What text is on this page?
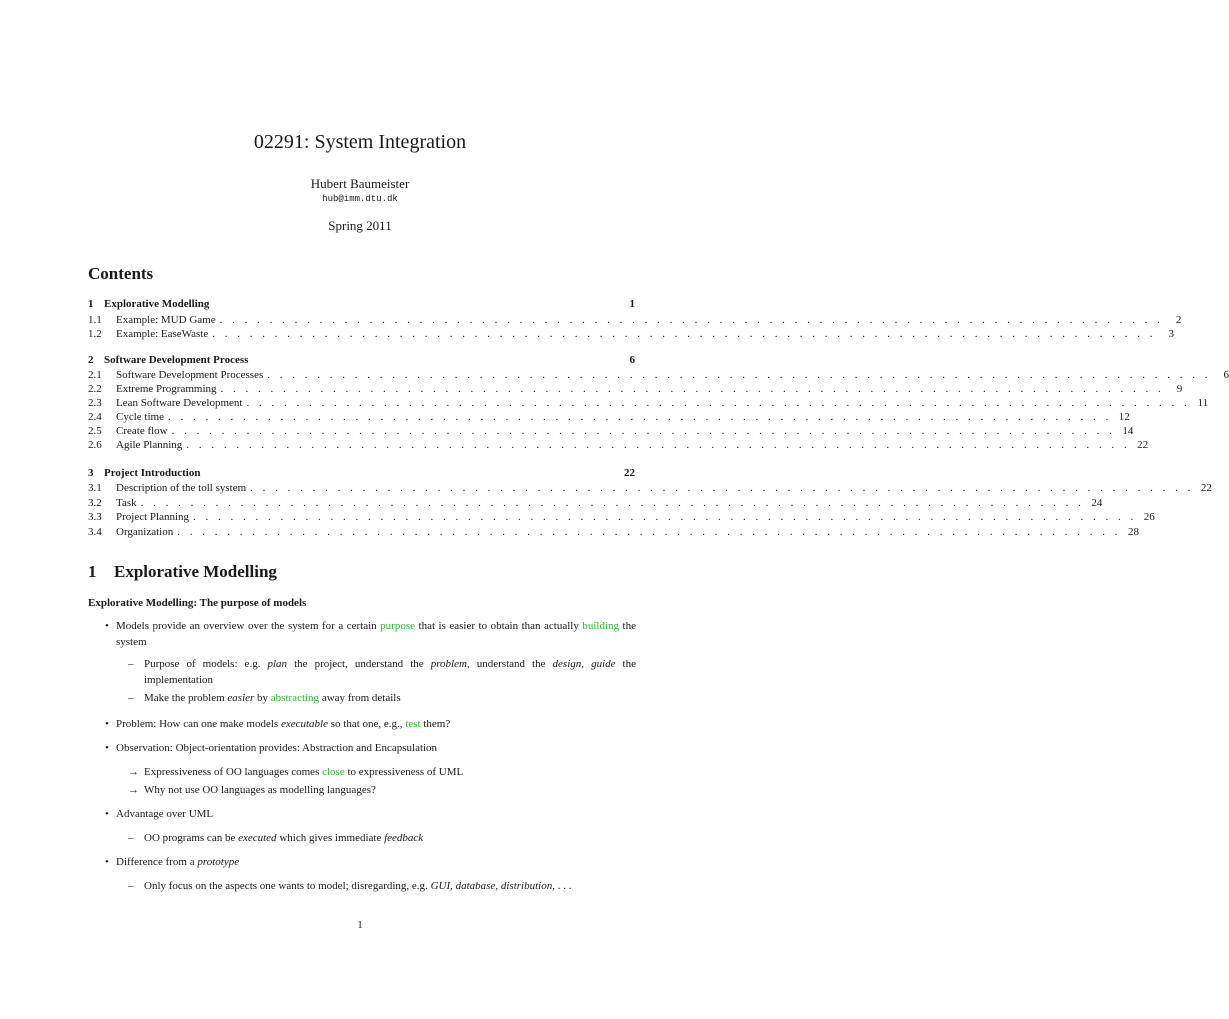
02291: System Integration
Hubert Baumeister
hub@imm.dtu.dk
Spring 2011
Contents
1 Explorative Modelling	1
1.1	Example: MUD Game . . . . . . . . . . . . . . . . . . . . . . . . . . . . . . . . . . . . . . . . . . . . . . . . . . . . . . . . . . . . . . . . . . . . . . . . . . . .	2
1.2	Example: EaseWaste . . . . . . . . . . . . . . . . . . . . . . . . . . . . . . . . . . . . . . . . . . . . . . . . . . . . . . . . . . . . . . . . . . . . . . . . . . . .	3
2 Software Development Process	6
2.1	Software Development Processes . . . . . . . . . . . . . . . . . . . . . . . . . . . . . . . . . . . . . . . . . . . . . . . . . . . . . . . . . . . . . . . . . . . . . . . . . . . .	6
2.2	Extreme Programming . . . . . . . . . . . . . . . . . . . . . . . . . . . . . . . . . . . . . . . . . . . . . . . . . . . . . . . . . . . . . . . . . . . . . . . . . . . .	9
2.3	Lean Software Development . . . . . . . . . . . . . . . . . . . . . . . . . . . . . . . . . . . . . . . . . . . . . . . . . . . . . . . . . . . . . . . . . . . . . . . . . . . . 11
2.4	Cycle time . . . . . . . . . . . . . . . . . . . . . . . . . . . . . . . . . . . . . . . . . . . . . . . . . . . . . . . . . . . . . . . . . . . . . . . . . . . . 12
2.5	Create flow . . . . . . . . . . . . . . . . . . . . . . . . . . . . . . . . . . . . . . . . . . . . . . . . . . . . . . . . . . . . . . . . . . . . . . . . . . . . 14
2.6	Agile Planning . . . . . . . . . . . . . . . . . . . . . . . . . . . . . . . . . . . . . . . . . . . . . . . . . . . . . . . . . . . . . . . . . . . . . . . . . . . . 22
3 Project Introduction	22
3.1	Description of the toll system . . . . . . . . . . . . . . . . . . . . . . . . . . . . . . . . . . . . . . . . . . . . . . . . . . . . . . . . . . . . . . . . . . . . . . . . . . . . 22
3.2	Task . . . . . . . . . . . . . . . . . . . . . . . . . . . . . . . . . . . . . . . . . . . . . . . . . . . . . . . . . . . . . . . . . . . . . . . . . . . . 24
3.3	Project Planning . . . . . . . . . . . . . . . . . . . . . . . . . . . . . . . . . . . . . . . . . . . . . . . . . . . . . . . . . . . . . . . . . . . . . . . . . . . . 26
3.4	Organization . . . . . . . . . . . . . . . . . . . . . . . . . . . . . . . . . . . . . . . . . . . . . . . . . . . . . . . . . . . . . . . . . . . . . . . . . . . . 28
1 Explorative Modelling
Explorative Modelling: The purpose of models
• Models provide an overview over the system for a certain purpose that is easier to obtain than actually building the system
– Purpose of models: e.g. plan the project, understand the problem, understand the design, guide the implementation
– Make the problem easier by abstracting away from details
• Problem: How can one make models executable so that one, e.g., test them?
• Observation: Object-orientation provides: Abstraction and Encapsulation
→ Expressiveness of OO languages comes close to expressiveness of UML
→ Why not use OO languages as modelling languages?
• Advantage over UML
– OO programs can be executed which gives immediate feedback
• Difference from a prototype
– Only focus on the aspects one wants to model; disregarding, e.g. GUI, database, distribution, . . .
1
